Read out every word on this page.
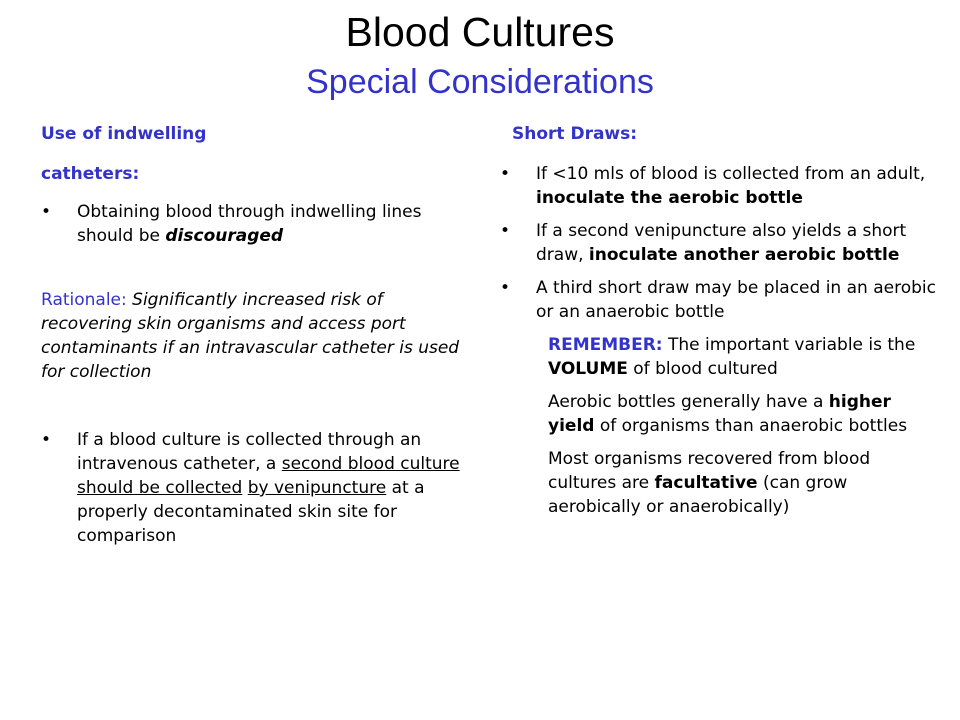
Blood Cultures
Special Considerations

Use of indwelling

catheters:

• Obtaining blood through indwelling lines should be discouraged

Rationale: Significantly increased risk of recovering skin organisms and access port contaminants if an intravascular catheter is used for collection

• If a blood culture is collected through an intravenous catheter, a second blood culture should be collected by venipuncture at a properly decontaminated skin site for comparison

Short Draws:

• If <10 mls of blood is collected from an adult, inoculate the aerobic bottle
• If a second venipuncture also yields a short draw, inoculate another aerobic bottle
• A third short draw may be placed in an aerobic or an anaerobic bottle

REMEMBER: The important variable is the VOLUME of blood cultured

Aerobic bottles generally have a higher yield of organisms than anaerobic bottles

Most organisms recovered from blood cultures are facultative (can grow aerobically or anaerobically)
